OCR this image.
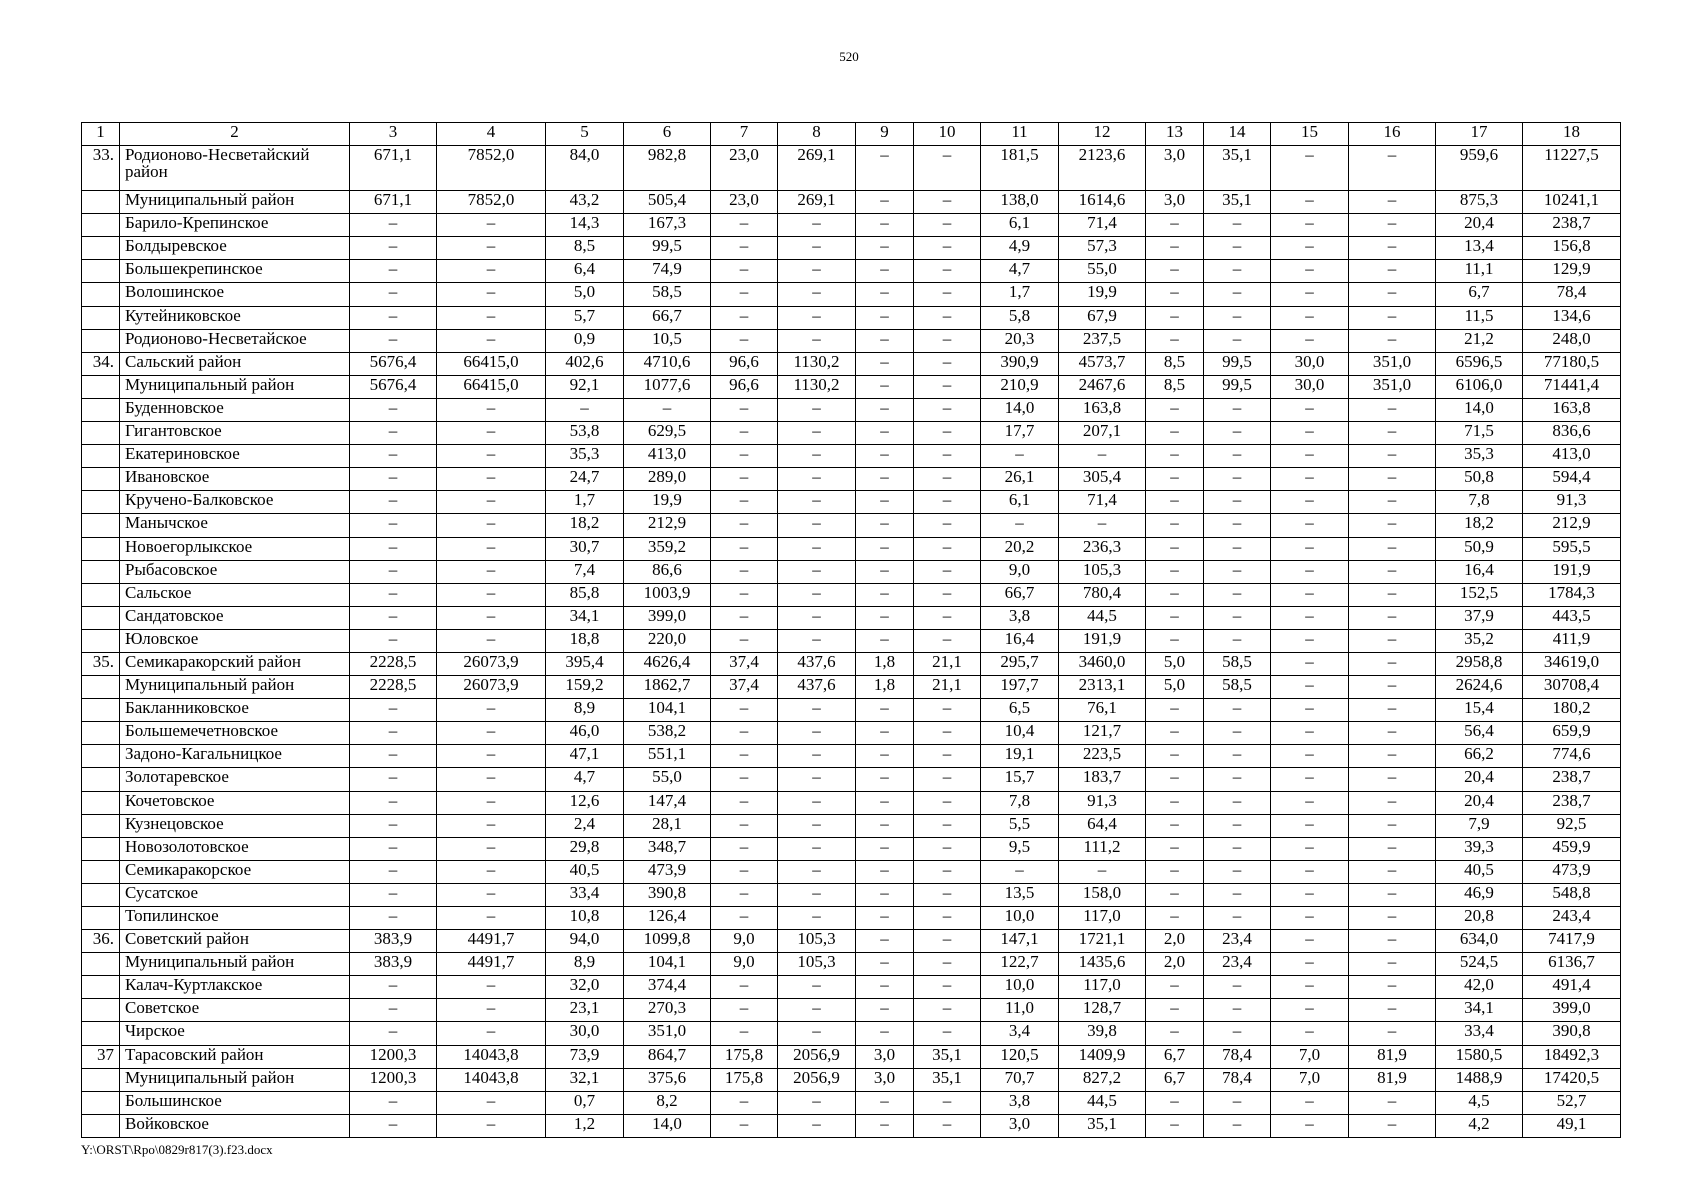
520
1	2	3	4	5	6	7	8	9	10	11	12	13	14	15	16	17	18
33.	Родионово-Несветайский район	671,1	7852,0	84,0	982,8	23,0	269,1	–	–	181,5	2123,6	3,0	35,1	–	–	959,6	11227,5
	Муниципальный район	671,1	7852,0	43,2	505,4	23,0	269,1	–	–	138,0	1614,6	3,0	35,1	–	–	875,3	10241,1
	Барило-Крепинское	–	–	14,3	167,3	–	–	–	–	6,1	71,4	–	–	–	–	20,4	238,7
	Болдыревское	–	–	8,5	99,5	–	–	–	–	4,9	57,3	–	–	–	–	13,4	156,8
	Большекрепинское	–	–	6,4	74,9	–	–	–	–	4,7	55,0	–	–	–	–	11,1	129,9
	Волошинское	–	–	5,0	58,5	–	–	–	–	1,7	19,9	–	–	–	–	6,7	78,4
	Кутейниковское	–	–	5,7	66,7	–	–	–	–	5,8	67,9	–	–	–	–	11,5	134,6
	Родионово-Несветайское	–	–	0,9	10,5	–	–	–	–	20,3	237,5	–	–	–	–	21,2	248,0
34.	Сальский район	5676,4	66415,0	402,6	4710,6	96,6	1130,2	–	–	390,9	4573,7	8,5	99,5	30,0	351,0	6596,5	77180,5
	Муниципальный район	5676,4	66415,0	92,1	1077,6	96,6	1130,2	–	–	210,9	2467,6	8,5	99,5	30,0	351,0	6106,0	71441,4
	Буденновское	–	–	–	–	–	–	–	–	14,0	163,8	–	–	–	–	14,0	163,8
	Гигантовское	–	–	53,8	629,5	–	–	–	–	17,7	207,1	–	–	–	–	71,5	836,6
	Екатериновское	–	–	35,3	413,0	–	–	–	–	–	–	–	–	–	–	35,3	413,0
	Ивановское	–	–	24,7	289,0	–	–	–	–	26,1	305,4	–	–	–	–	50,8	594,4
	Кручено-Балковское	–	–	1,7	19,9	–	–	–	–	6,1	71,4	–	–	–	–	7,8	91,3
	Манычское	–	–	18,2	212,9	–	–	–	–	–	–	–	–	–	–	18,2	212,9
	Новоегорлыкское	–	–	30,7	359,2	–	–	–	–	20,2	236,3	–	–	–	–	50,9	595,5
	Рыбасовское	–	–	7,4	86,6	–	–	–	–	9,0	105,3	–	–	–	–	16,4	191,9
	Сальское	–	–	85,8	1003,9	–	–	–	–	66,7	780,4	–	–	–	–	152,5	1784,3
	Сандатовское	–	–	34,1	399,0	–	–	–	–	3,8	44,5	–	–	–	–	37,9	443,5
	Юловское	–	–	18,8	220,0	–	–	–	–	16,4	191,9	–	–	–	–	35,2	411,9
35.	Семикаракорский район	2228,5	26073,9	395,4	4626,4	37,4	437,6	1,8	21,1	295,7	3460,0	5,0	58,5	–	–	2958,8	34619,0
	Муниципальный район	2228,5	26073,9	159,2	1862,7	37,4	437,6	1,8	21,1	197,7	2313,1	5,0	58,5	–	–	2624,6	30708,4
	Бакланниковское	–	–	8,9	104,1	–	–	–	–	6,5	76,1	–	–	–	–	15,4	180,2
	Большемечетновское	–	–	46,0	538,2	–	–	–	–	10,4	121,7	–	–	–	–	56,4	659,9
	Задоно-Кагальницкое	–	–	47,1	551,1	–	–	–	–	19,1	223,5	–	–	–	–	66,2	774,6
	Золотаревское	–	–	4,7	55,0	–	–	–	–	15,7	183,7	–	–	–	–	20,4	238,7
	Кочетовское	–	–	12,6	147,4	–	–	–	–	7,8	91,3	–	–	–	–	20,4	238,7
	Кузнецовское	–	–	2,4	28,1	–	–	–	–	5,5	64,4	–	–	–	–	7,9	92,5
	Новозолотовское	–	–	29,8	348,7	–	–	–	–	9,5	111,2	–	–	–	–	39,3	459,9
	Семикаракорское	–	–	40,5	473,9	–	–	–	–	–	–	–	–	–	–	40,5	473,9
	Сусатское	–	–	33,4	390,8	–	–	–	–	13,5	158,0	–	–	–	–	46,9	548,8
	Топилинское	–	–	10,8	126,4	–	–	–	–	10,0	117,0	–	–	–	–	20,8	243,4
36.	Советский район	383,9	4491,7	94,0	1099,8	9,0	105,3	–	–	147,1	1721,1	2,0	23,4	–	–	634,0	7417,9
	Муниципальный район	383,9	4491,7	8,9	104,1	9,0	105,3	–	–	122,7	1435,6	2,0	23,4	–	–	524,5	6136,7
	Калач-Куртлакское	–	–	32,0	374,4	–	–	–	–	10,0	117,0	–	–	–	–	42,0	491,4
	Советское	–	–	23,1	270,3	–	–	–	–	11,0	128,7	–	–	–	–	34,1	399,0
	Чирское	–	–	30,0	351,0	–	–	–	–	3,4	39,8	–	–	–	–	33,4	390,8
37	Тарасовский район	1200,3	14043,8	73,9	864,7	175,8	2056,9	3,0	35,1	120,5	1409,9	6,7	78,4	7,0	81,9	1580,5	18492,3
	Муниципальный район	1200,3	14043,8	32,1	375,6	175,8	2056,9	3,0	35,1	70,7	827,2	6,7	78,4	7,0	81,9	1488,9	17420,5
	Большинское	–	–	0,7	8,2	–	–	–	–	3,8	44,5	–	–	–	–	4,5	52,7
	Войковское	–	–	1,2	14,0	–	–	–	–	3,0	35,1	–	–	–	–	4,2	49,1
Y:\ORST\Rpo\0829r817(3).f23.docx
